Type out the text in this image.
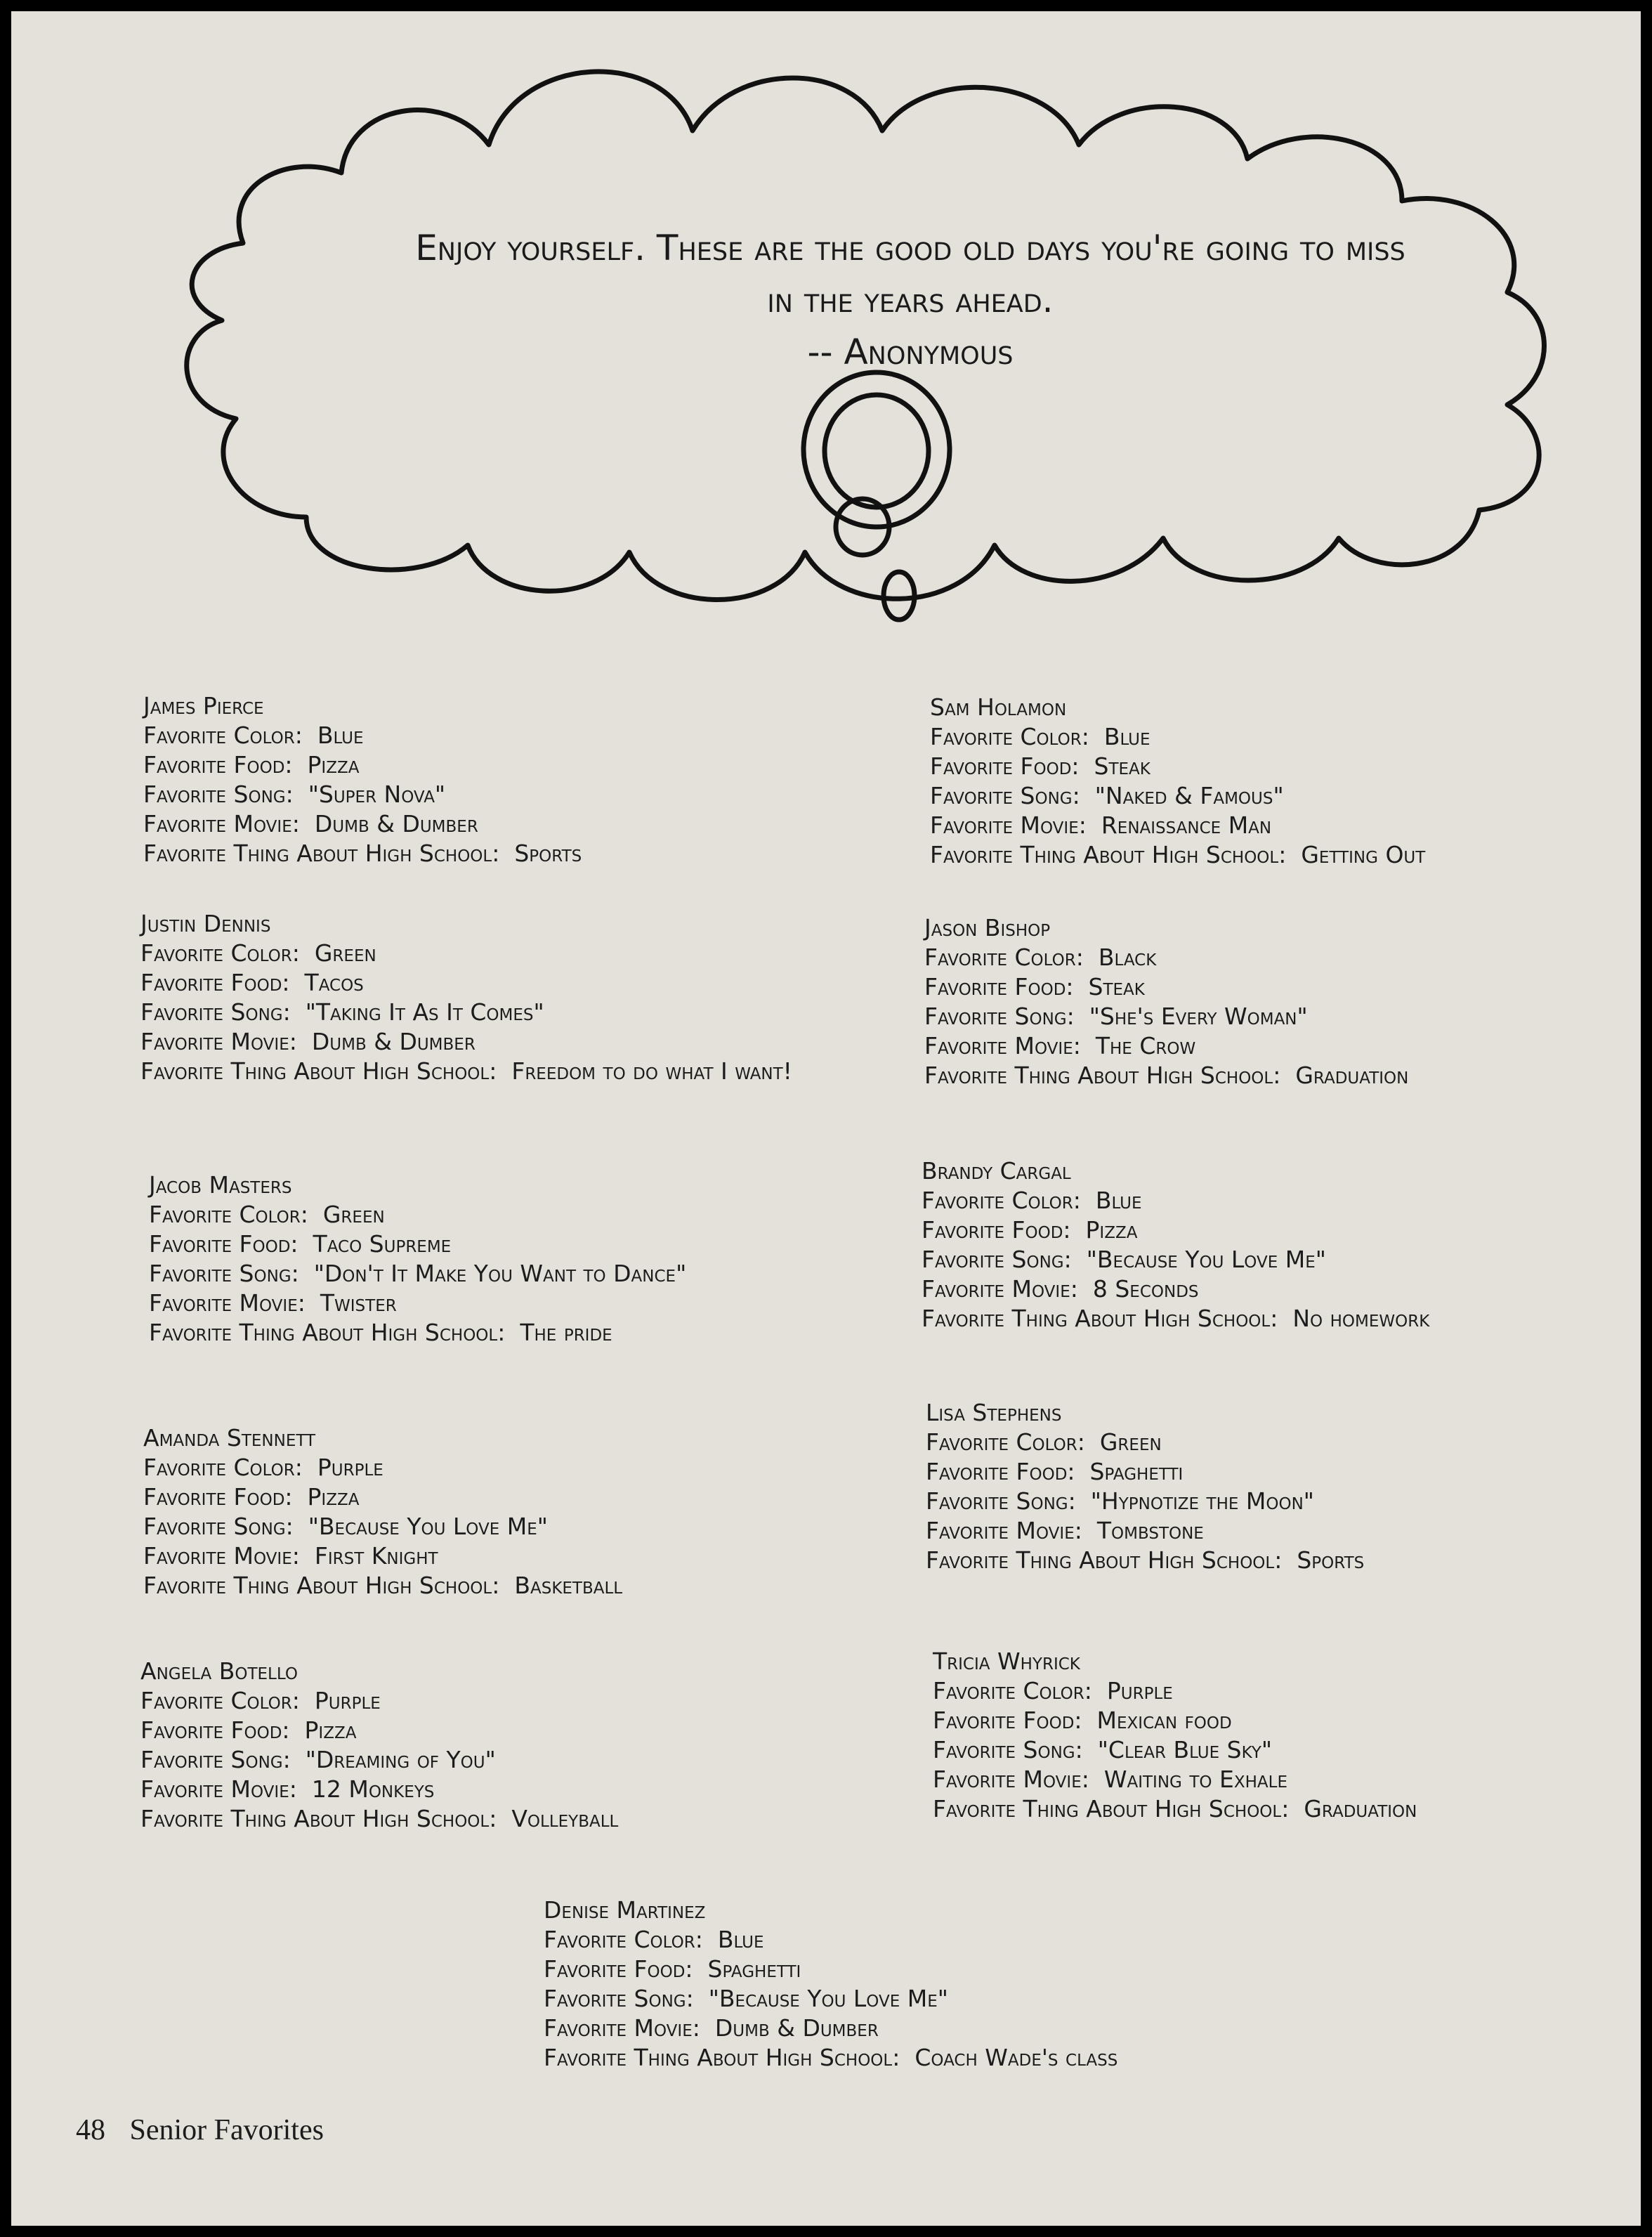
Enjoy yourself. These are the good old days you're going to miss
in the years ahead.
-- Anonymous
James Pierce
Favorite Color: Blue
Favorite Food: Pizza
Favorite Song: "Super Nova"
Favorite Movie: Dumb & Dumber
Favorite Thing About High School: Sports
Justin Dennis
Favorite Color: Green
Favorite Food: Tacos
Favorite Song: "Taking It As It Comes"
Favorite Movie: Dumb & Dumber
Favorite Thing About High School: Freedom to do what I want!
Jacob Masters
Favorite Color: Green
Favorite Food: Taco Supreme
Favorite Song: "Don't It Make You Want to Dance"
Favorite Movie: Twister
Favorite Thing About High School: The pride
Amanda Stennett
Favorite Color: Purple
Favorite Food: Pizza
Favorite Song: "Because You Love Me"
Favorite Movie: First Knight
Favorite Thing About High School: Basketball
Angela Botello
Favorite Color: Purple
Favorite Food: Pizza
Favorite Song: "Dreaming of You"
Favorite Movie: 12 Monkeys
Favorite Thing About High School: Volleyball
Sam Holamon
Favorite Color: Blue
Favorite Food: Steak
Favorite Song: "Naked & Famous"
Favorite Movie: Renaissance Man
Favorite Thing About High School: Getting Out
Jason Bishop
Favorite Color: Black
Favorite Food: Steak
Favorite Song: "She's Every Woman"
Favorite Movie: The Crow
Favorite Thing About High School: Graduation
Brandy Cargal
Favorite Color: Blue
Favorite Food: Pizza
Favorite Song: "Because You Love Me"
Favorite Movie: 8 Seconds
Favorite Thing About High School: No homework
Lisa Stephens
Favorite Color: Green
Favorite Food: Spaghetti
Favorite Song: "Hypnotize the Moon"
Favorite Movie: Tombstone
Favorite Thing About High School: Sports
Tricia Whyrick
Favorite Color: Purple
Favorite Food: Mexican food
Favorite Song: "Clear Blue Sky"
Favorite Movie: Waiting to Exhale
Favorite Thing About High School: Graduation
Denise Martinez
Favorite Color: Blue
Favorite Food: Spaghetti
Favorite Song: "Because You Love Me"
Favorite Movie: Dumb & Dumber
Favorite Thing About High School: Coach Wade's class
48 Senior Favorites
